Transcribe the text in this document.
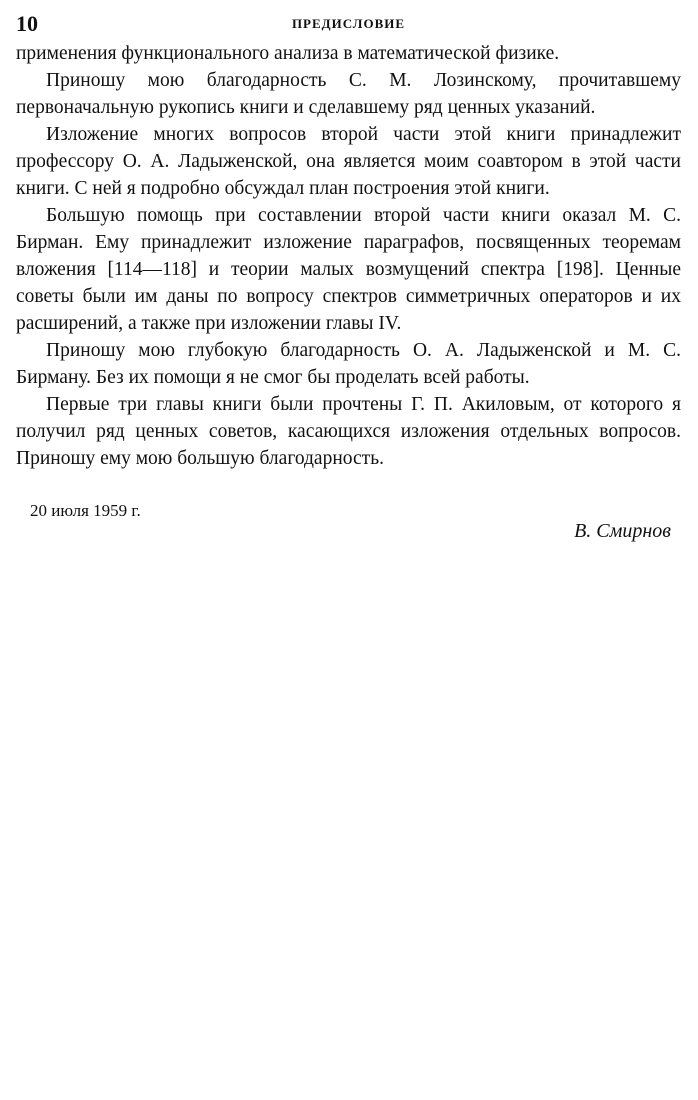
10	ПРЕДИСЛОВИЕ

применения функционального анализа в математической физике.

Приношу мою благодарность С. М. Лозинскому, прочитавшему первоначальную рукопись книги и сделавшему ряд ценных указаний.

Изложение многих вопросов второй части этой книги принадлежит профессору О. А. Ладыженской, она является моим соавтором в этой части книги. С ней я подробно обсуждал план построения этой книги.

Большую помощь при составлении второй части книги оказал М. С. Бирман. Ему принадлежит изложение параграфов, посвященных теоремам вложения [114—118] и теории малых возмущений спектра [198]. Ценные советы были им даны по вопросу спектров симметричных операторов и их расширений, а также при изложении главы IV.

Приношу мою глубокую благодарность О. А. Ладыженской и М. С. Бирману. Без их помощи я не смог бы проделать всей работы.

Первые три главы книги были прочтены Г. П. Акиловым, от которого я получил ряд ценных советов, касающихся изложения отдельных вопросов. Приношу ему мою большую благодарность.

20 июля 1959 г.
В. Смирнов
